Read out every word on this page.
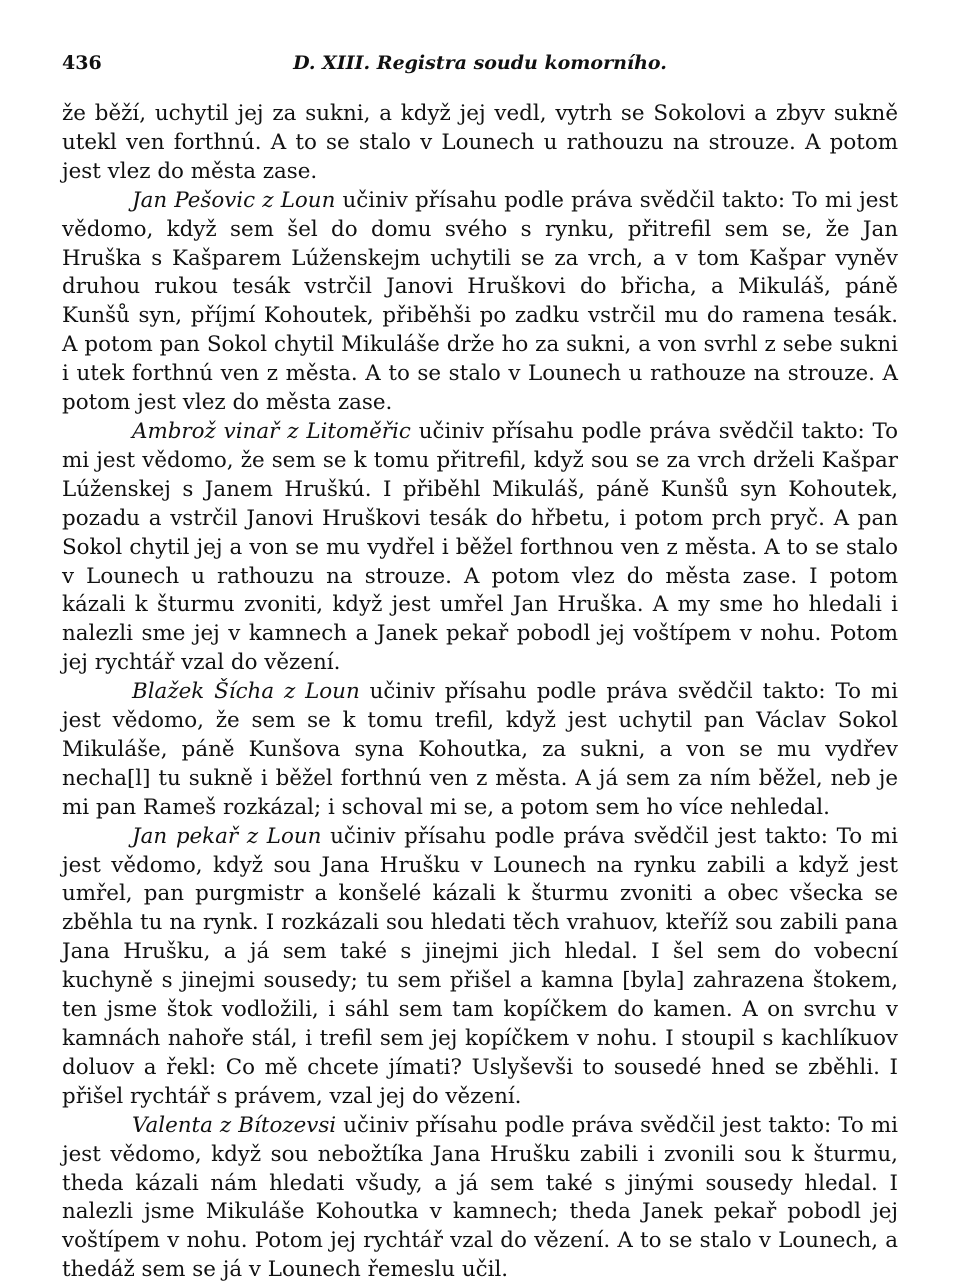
436	D. XIII. Registra soudu komorního.

že běží, uchytil jej za sukni, a když jej vedl, vytrh se Sokolovi a zbyv sukně utekl ven forthnú. A to se stalo v Lounech u rathouzu na strouze. A potom jest vlez do města zase.

Jan Pešovic z Loun učiniv přísahu podle práva svědčil takto: To mi jest vědomo, když sem šel do domu svého s rynku, přitrefil sem se, že Jan Hruška s Kašparem Lúženskejm uchytili se za vrch, a v tom Kašpar vyněv druhou rukou tesák vstrčil Janovi Hruškovi do břicha, a Mikuláš, páně Kunšů syn, příjmí Kohoutek, přiběhši po zadku vstrčil mu do ramena tesák. A potom pan Sokol chytil Mikuláše drže ho za sukni, a von svrhl z sebe sukni i utek forthnú ven z města. A to se stalo v Lounech u rathouze na strouze. A potom jest vlez do města zase.

Ambrož vinař z Litoměřic učiniv přísahu podle práva svědčil takto: To mi jest vědomo, že sem se k tomu přitrefil, když sou se za vrch drželi Kašpar Lúženskej s Janem Hruškú. I přiběhl Mikuláš, páně Kunšů syn Kohoutek, pozadu a vstrčil Janovi Hruškovi tesák do hřbetu, i potom prch pryč. A pan Sokol chytil jej a von se mu vydřel i běžel forthnou ven z města. A to se stalo v Lounech u rathouzu na strouze. A potom vlez do města zase. I potom kázali k šturmu zvoniti, když jest umřel Jan Hruška. A my sme ho hledali i nalezli sme jej v kamnech a Janek pekař pobodl jej voštípem v nohu. Potom jej rychtář vzal do vězení.

Blažek Šícha z Loun učiniv přísahu podle práva svědčil takto: To mi jest vědomo, že sem se k tomu trefil, když jest uchytil pan Václav Sokol Mikuláše, páně Kunšova syna Kohoutka, za sukni, a von se mu vydřev necha[l] tu sukně i běžel forthnú ven z města. A já sem za ním běžel, neb je mi pan Rameš rozkázal; i schoval mi se, a potom sem ho více nehledal.

Jan pekař z Loun učiniv přísahu podle práva svědčil jest takto: To mi jest vědomo, když sou Jana Hrušku v Lounech na rynku zabili a když jest umřel, pan purgmistr a konšelé kázali k šturmu zvoniti a obec všecka se zběhla tu na rynk. I rozkázali sou hledati těch vrahuov, kteříž sou zabili pana Jana Hrušku, a já sem také s jinejmi jich hledal. I šel sem do vobecní kuchyně s jinejmi sousedy; tu sem přišel a kamna [byla] zahrazena štokem, ten jsme štok vodložili, i sáhl sem tam kopíčkem do kamen. A on svrchu v kamnách nahoře stál, i trefil sem jej kopíčkem v nohu. I stoupil s kachlíkuov doluov a řekl: Co mě chcete jímati? Uslyševši to sousedé hned se zběhli. I přišel rychtář s právem, vzal jej do vězení.

Valenta z Bítozevsi učiniv přísahu podle práva svědčil jest takto: To mi jest vědomo, když sou nebožtíka Jana Hrušku zabili i zvonili sou k šturmu, theda kázali nám hledati všudy, a já sem také s jinými sousedy hledal. I nalezli jsme Mikuláše Kohoutka v kamnech; theda Janek pekař pobodl jej voštípem v nohu. Potom jej rychtář vzal do vězení. A to se stalo v Lounech, a thedáž sem se já v Lounech řemeslu učil.
